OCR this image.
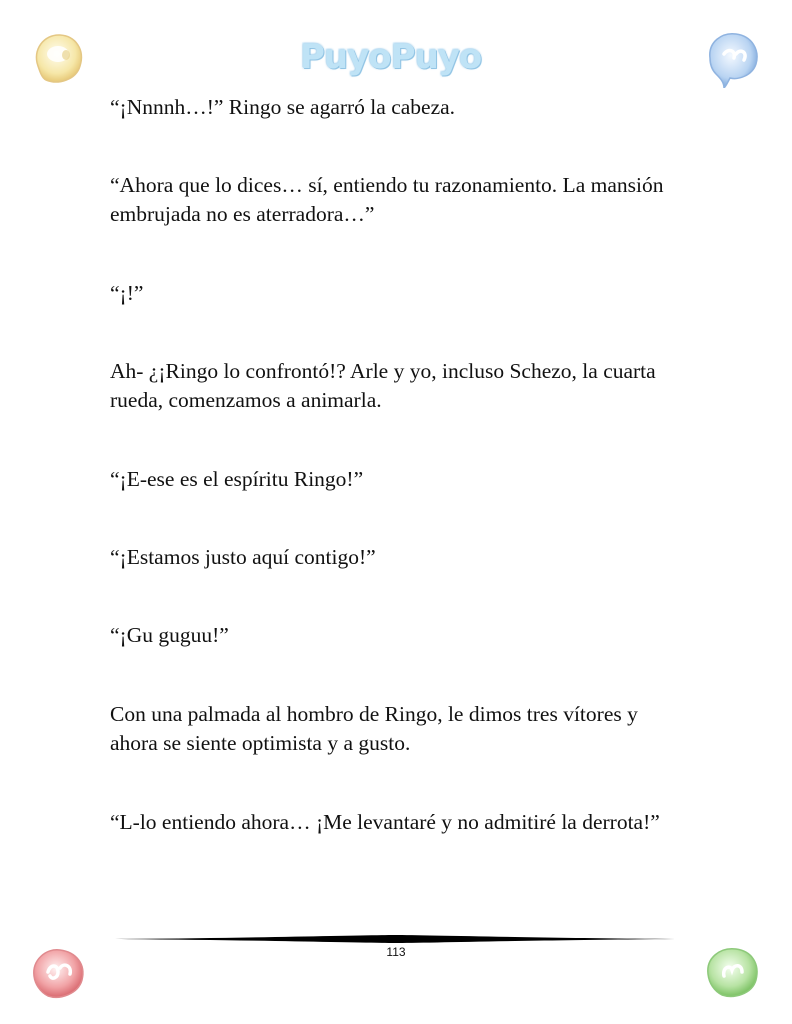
PuyoPuyo

“¡Nnnnh…!” Ringo se agarró la cabeza.

“Ahora que lo dices… sí, entiendo tu razonamiento. La mansión embrujada no es aterradora…”

“¡!”

Ah- ¿¡Ringo lo confrontó!? Arle y yo, incluso Schezo, la cuarta rueda, comenzamos a animarla.

“¡E-ese es el espíritu Ringo!”

“¡Estamos justo aquí contigo!”

“¡Gu guguu!”

Con una palmada al hombro de Ringo, le dimos tres vítores y ahora se siente optimista y a gusto.

“L-lo entiendo ahora… ¡Me levantaré y no admitiré la derrota!”

113
